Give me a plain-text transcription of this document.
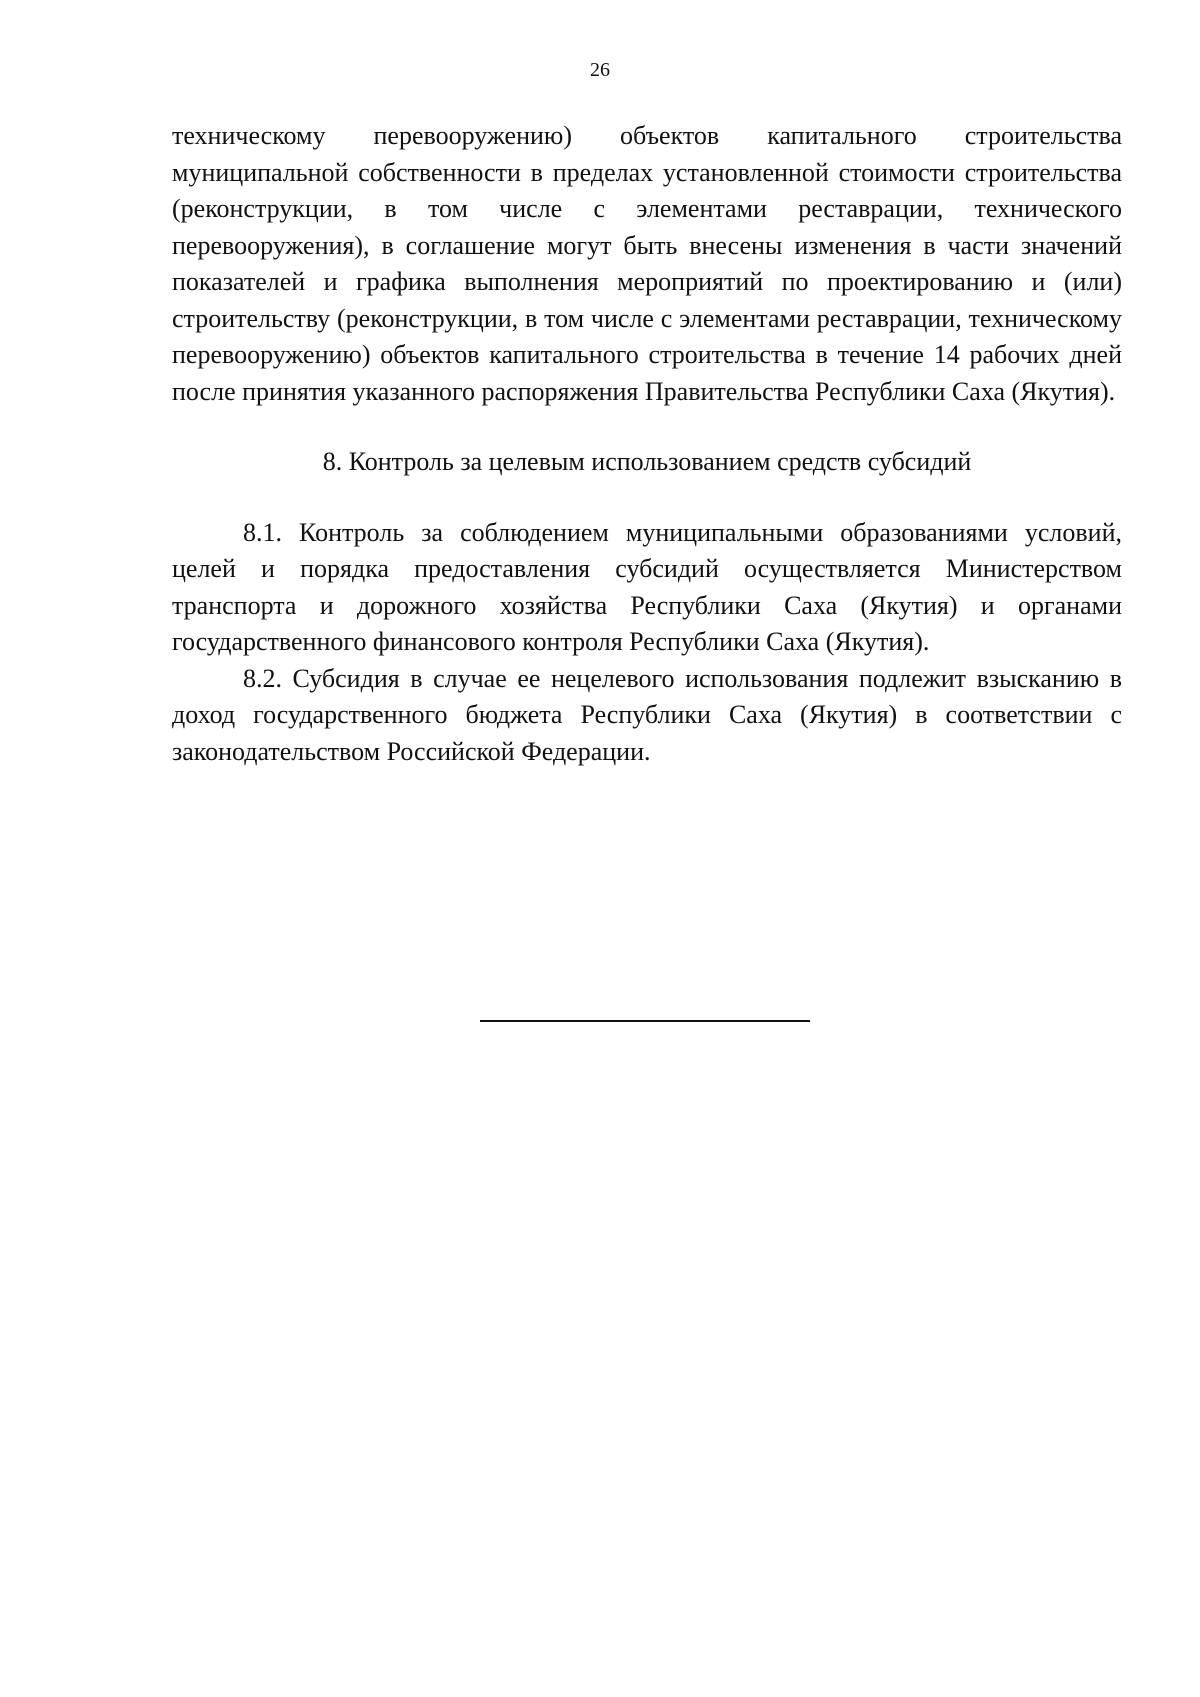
26

техническому перевооружению) объектов капитального строительства муниципальной собственности в пределах установленной стоимости строительства (реконструкции, в том числе с элементами реставрации, технического перевооружения), в соглашение могут быть внесены изменения в части значений показателей и графика выполнения мероприятий по проектированию и (или) строительству (реконструкции, в том числе с элементами реставрации, техническому перевооружению) объектов капитального строительства в течение 14 рабочих дней после принятия указанного распоряжения Правительства Республики Саха (Якутия).

8. Контроль за целевым использованием средств субсидий

8.1. Контроль за соблюдением муниципальными образованиями условий, целей и порядка предоставления субсидий осуществляется Министерством транспорта и дорожного хозяйства Республики Саха (Якутия) и органами государственного финансового контроля Республики Саха (Якутия).

8.2. Субсидия в случае ее нецелевого использования подлежит взысканию в доход государственного бюджета Республики Саха (Якутия) в соответствии с законодательством Российской Федерации.
